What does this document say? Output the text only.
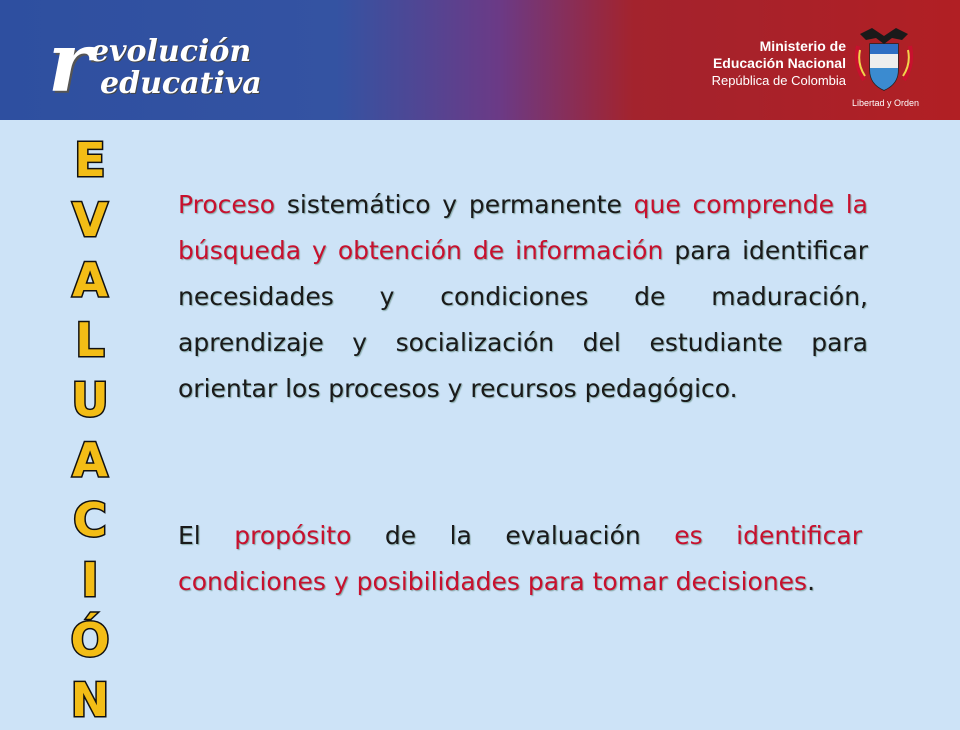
r
evolución
educativa
Ministerio de
Educación Nacional
República de Colombia
Libertad y Orden
E
V
A
L
U
A
C
I
Ó
N

Proceso sistemático y permanente que comprende la búsqueda y obtención de información para identificar necesidades y condiciones de maduración, aprendizaje y socialización del estudiante para orientar los procesos y recursos pedagógico.

El propósito de la evaluación es identificar condiciones y posibilidades para tomar decisiones.
